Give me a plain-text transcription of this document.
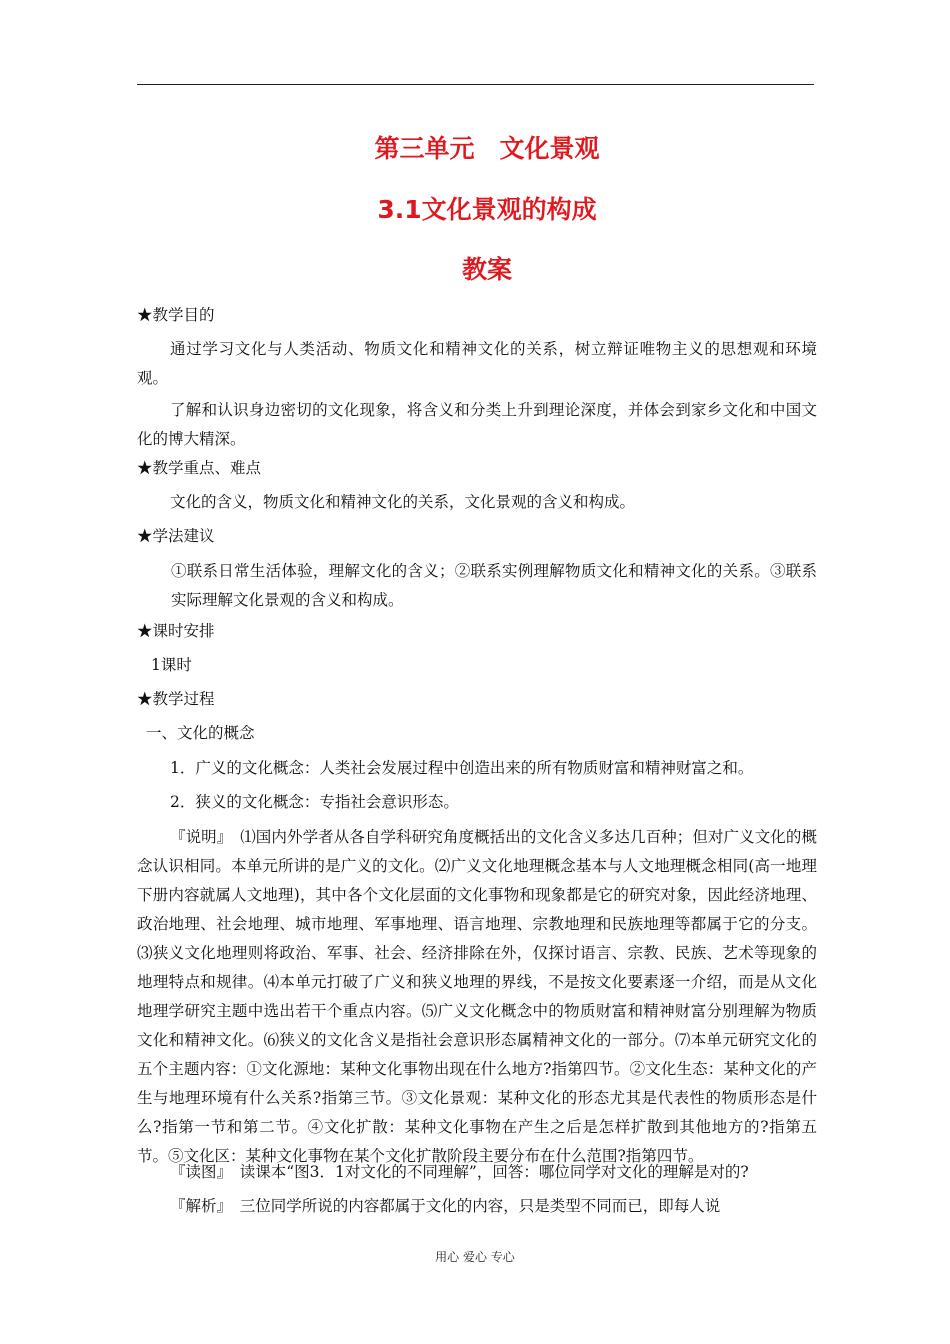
第三单元　文化景观
3.1文化景观的构成
教案
★教学目的
通过学习文化与人类活动、物质文化和精神文化的关系，树立辩证唯物主义的思想观和环境观。
了解和认识身边密切的文化现象，将含义和分类上升到理论深度，并体会到家乡文化和中国文化的博大精深。
★教学重点、难点
文化的含义，物质文化和精神文化的关系，文化景观的含义和构成。
★学法建议
①联系日常生活体验，理解文化的含义；②联系实例理解物质文化和精神文化的关系。③联系实际理解文化景观的含义和构成。
★课时安排
1课时
★教学过程
一、文化的概念
1．广义的文化概念：人类社会发展过程中创造出来的所有物质财富和精神财富之和。
2．狭义的文化概念：专指社会意识形态。
『说明』　⑴国内外学者从各自学科研究角度概括出的文化含义多达几百种；但对广义文化的概念认识相同。本单元所讲的是广义的文化。⑵广义文化地理概念基本与人文地理概念相同(高一地理下册内容就属人文地理)，其中各个文化层面的文化事物和现象都是它的研究对象，因此经济地理、政治地理、社会地理、城市地理、军事地理、语言地理、宗教地理和民族地理等都属于它的分支。⑶狭义文化地理则将政治、军事、社会、经济排除在外，仅探讨语言、宗教、民族、艺术等现象的地理特点和规律。⑷本单元打破了广义和狭义地理的界线，不是按文化要素逐一介绍，而是从文化地理学研究主题中选出若干个重点内容。⑸广义文化概念中的物质财富和精神财富分别理解为物质文化和精神文化。⑹狭义的文化含义是指社会意识形态属精神文化的一部分。⑺本单元研究文化的五个主题内容：①文化源地：某种文化事物出现在什么地方?指第四节。②文化生态：某种文化的产生与地理环境有什么关系?指第三节。③文化景观：某种文化的形态尤其是代表性的物质形态是什么?指第一节和第二节。④文化扩散：某种文化事物在产生之后是怎样扩散到其他地方的?指第五节。⑤文化区：某种文化事物在某个文化扩散阶段主要分布在什么范围?指第四节。
『读图』　读课本“图3．1对文化的不同理解”，回答：哪位同学对文化的理解是对的?
『解析』　三位同学所说的内容都属于文化的内容，只是类型不同而已，即每人说
用心 爱心 专心
